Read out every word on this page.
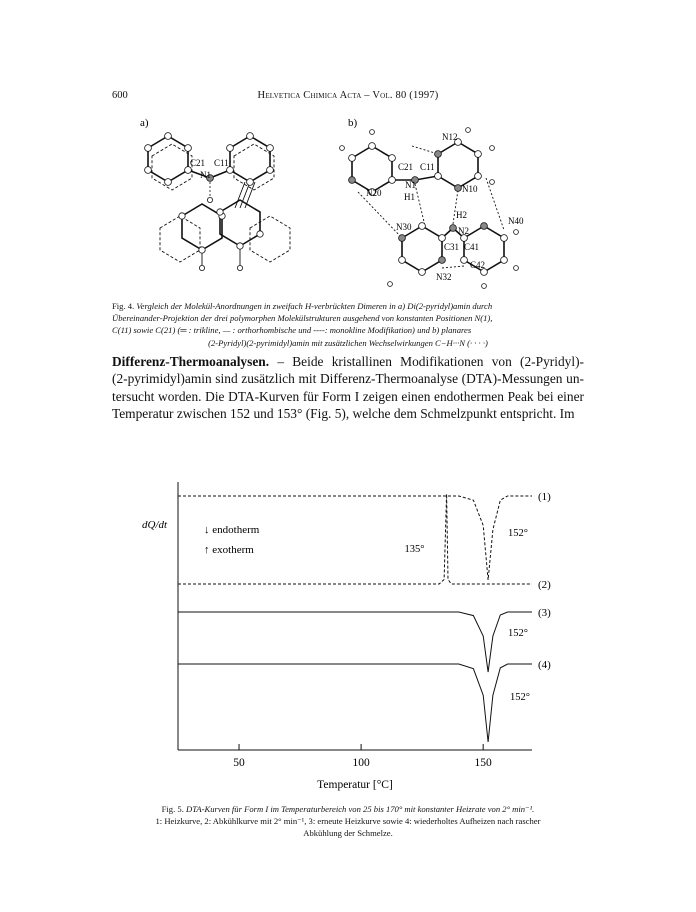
600	Helvetica Chimica Acta – Vol. 80 (1997)
a)	b)
C21 C11
N1
N12
C21 C11
N1
H1
N20	N10
H2
N40
N30	N2
C31 C41
C42
N32
Fig. 4. Vergleich der Molekül-Anordnungen in zweifach H-verbrückten Dimeren in a) Di(2-pyridyl)amin durch
Übereinander-Projektion der drei polymorphen Molekülstrukturen ausgehend von konstanten Positionen N(1),
C(11) sowie C(21) (═ : trikline, — : orthorhombische und ----: monokline Modifikation) und b) planares

(2-Pyridyl)(2-pyrimidyl)amin mit zusätzlichen Wechselwirkungen C−H···N (· · · ·)
Differenz-Thermoanalysen. – Beide kristallinen Modifikationen von (2-Pyridyl)-
(2-pyrimidyl)amin sind zusätzlich mit Differenz-Thermoanalyse (DTA)-Messungen un-
tersucht worden. Die DTA-Kurven für Form I zeigen einen endothermen Peak bei einer
Temperatur zwischen 152 und 153° (Fig. 5), welche dem Schmelzpunkt entspricht. Im
dQ/dt	↓ endotherm
↑ exotherm
50	100	150
(1)
152°
(2)
135°
(3)
152°
(4)
152°
Temperatur [°C]
Fig. 5. DTA-Kurven für Form I im Temperaturbereich von 25 bis 170° mit konstanter Heizrate von 2° min⁻¹.
1: Heizkurve, 2: Abkühlkurve mit 2° min⁻¹, 3: erneute Heizkurve sowie 4: wiederholtes Aufheizen nach rascher
Abkühlung der Schmelze.
